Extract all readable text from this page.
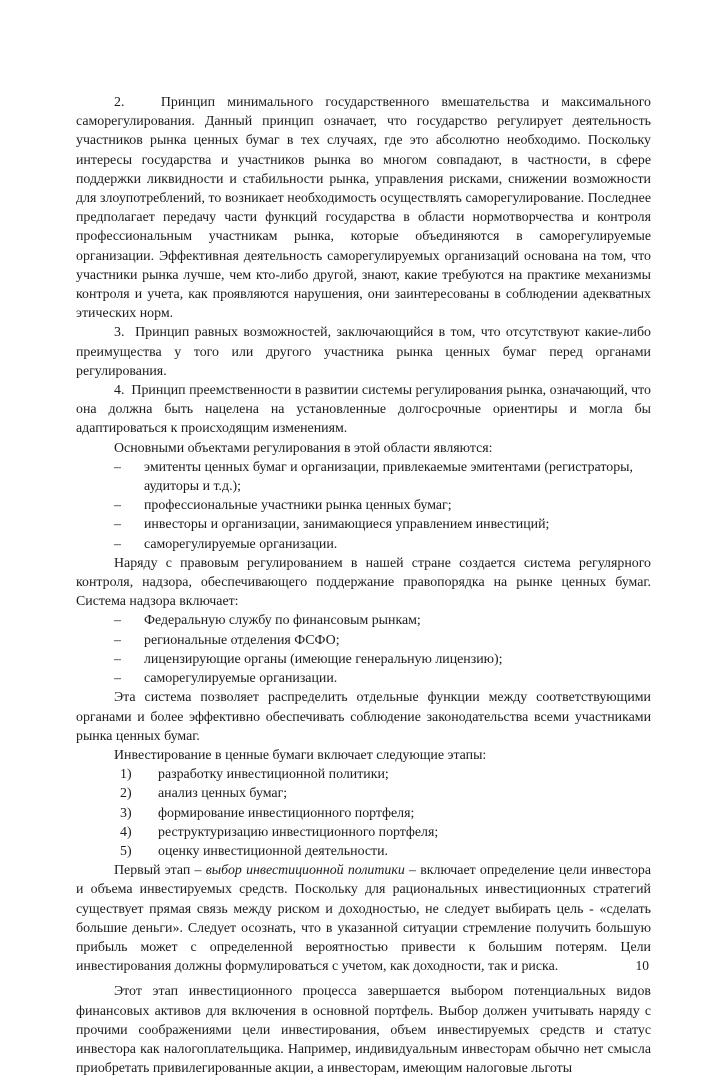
2.   Принцип минимального государственного вмешательства и максимального саморегулирования. Данный принцип означает, что государство регулирует деятельность участников рынка ценных бумаг в тех случаях, где это абсолютно необходимо. Поскольку интересы государства и участников рынка во многом совпадают, в частности, в сфере поддержки ликвидности и стабильности рынка, управления рисками, снижении возможности для злоупотреблений, то возникает необходимость осуществлять саморегулирование. Последнее предполагает передачу части функций государства в области нормотворчества и контроля профессиональным участникам рынка, которые объединяются в саморегулируемые организации. Эффективная деятельность саморегулируемых организаций основана на том, что участники рынка лучше, чем кто-либо другой, знают, какие требуются на практике механизмы контроля и учета, как проявляются нарушения, они заинтересованы в соблюдении адекватных этических норм.

3.  Принцип равных возможностей, заключающийся в том, что отсутствуют какие-либо преимущества у того или другого участника рынка ценных бумаг перед органами регулирования.

4.  Принцип преемственности в развитии системы регулирования рынка, означающий, что она должна быть нацелена на установленные долгосрочные ориентиры и могла бы адаптироваться к происходящим изменениям.

Основными объектами регулирования в этой области являются:

–	эмитенты ценных бумаг и организации, привлекаемые эмитентами (регистраторы, аудиторы и т.д.);
–	профессиональные участники рынка ценных бумаг;
–	инвесторы и организации, занимающиеся управлением инвестиций;
–	саморегулируемые организации.

Наряду с правовым регулированием в нашей стране создается система регулярного контроля, надзора, обеспечивающего поддержание правопорядка на рынке ценных бумаг. Система надзора включает:

–	Федеральную службу по финансовым рынкам;
–	региональные отделения ФСФО;
–	лицензирующие органы (имеющие генеральную лицензию);
–	саморегулируемые организации.

Эта система позволяет распределить отдельные функции между соответствующими органами и более эффективно обеспечивать соблюдение законодательства всеми участниками рынка ценных бумаг.

Инвестирование в ценные бумаги включает следующие этапы:

1)	разработку инвестиционной политики;
2)	анализ ценных бумаг;
3)	формирование инвестиционного портфеля;
4)	реструктуризацию инвестиционного портфеля;
5)	оценку инвестиционной деятельности.

Первый этап – выбор инвестиционной политики – включает определение цели инвестора и объема инвестируемых средств. Поскольку для рациональных инвестиционных стратегий существует прямая связь между риском и доходностью, не следует выбирать цель - «сделать большие деньги». Следует осознать, что в указанной ситуации стремление получить большую прибыль может с определенной вероятностью привести к большим потерям. Цели инвестирования должны формулироваться с учетом, как доходности, так и риска.

Этот этап инвестиционного процесса завершается выбором потенциальных видов финансовых активов для включения в основной портфель. Выбор должен учитывать наряду с прочими соображениями цели инвестирования, объем инвестируемых средств и статус инвестора как налогоплательщика. Например, индивидуальным инвесторам обычно нет смысла приобретать привилегированные акции, а инвесторам, имеющим налоговые льготы

10
